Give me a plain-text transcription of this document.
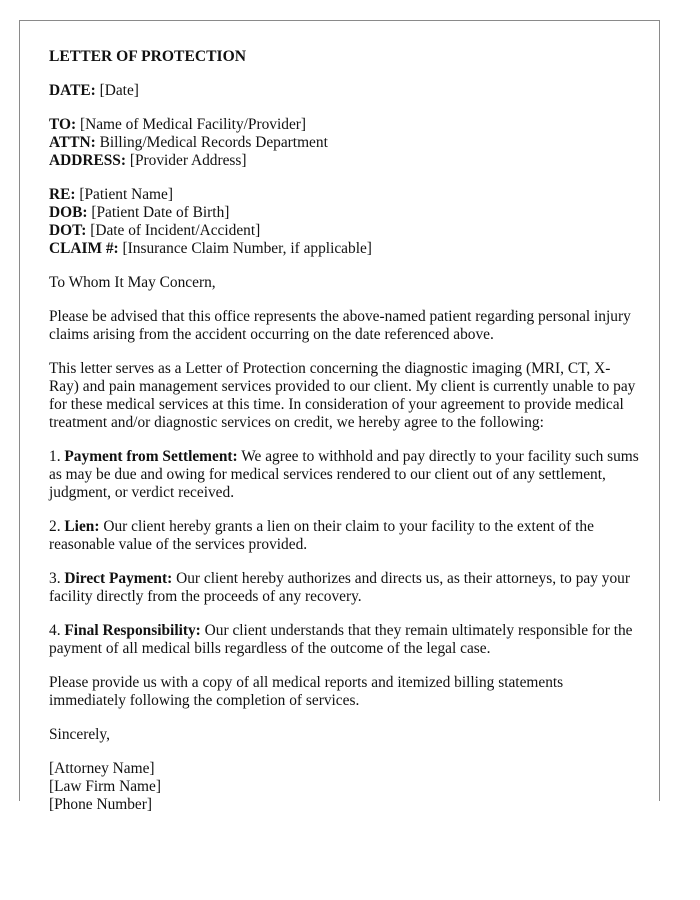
LETTER OF PROTECTION
DATE: [Date]
TO: [Name of Medical Facility/Provider]
ATTN: Billing/Medical Records Department
ADDRESS: [Provider Address]
RE: [Patient Name]
DOB: [Patient Date of Birth]
DOT: [Date of Incident/Accident]
CLAIM #: [Insurance Claim Number, if applicable]

To Whom It May Concern,

Please be advised that this office represents the above-named patient regarding personal injury claims arising from the accident occurring on the date referenced above.

This letter serves as a Letter of Protection concerning the diagnostic imaging (MRI, CT, X-Ray) and pain management services provided to our client. My client is currently unable to pay for these medical services at this time. In consideration of your agreement to provide medical treatment and/or diagnostic services on credit, we hereby agree to the following:

1. Payment from Settlement: We agree to withhold and pay directly to your facility such sums as may be due and owing for medical services rendered to our client out of any settlement, judgment, or verdict received.

2. Lien: Our client hereby grants a lien on their claim to your facility to the extent of the reasonable value of the services provided.

3. Direct Payment: Our client hereby authorizes and directs us, as their attorneys, to pay your facility directly from the proceeds of any recovery.

4. Final Responsibility: Our client understands that they remain ultimately responsible for the payment of all medical bills regardless of the outcome of the legal case.

Please provide us with a copy of all medical reports and itemized billing statements immediately following the completion of services.

Sincerely,

[Attorney Name]
[Law Firm Name]
[Phone Number]
